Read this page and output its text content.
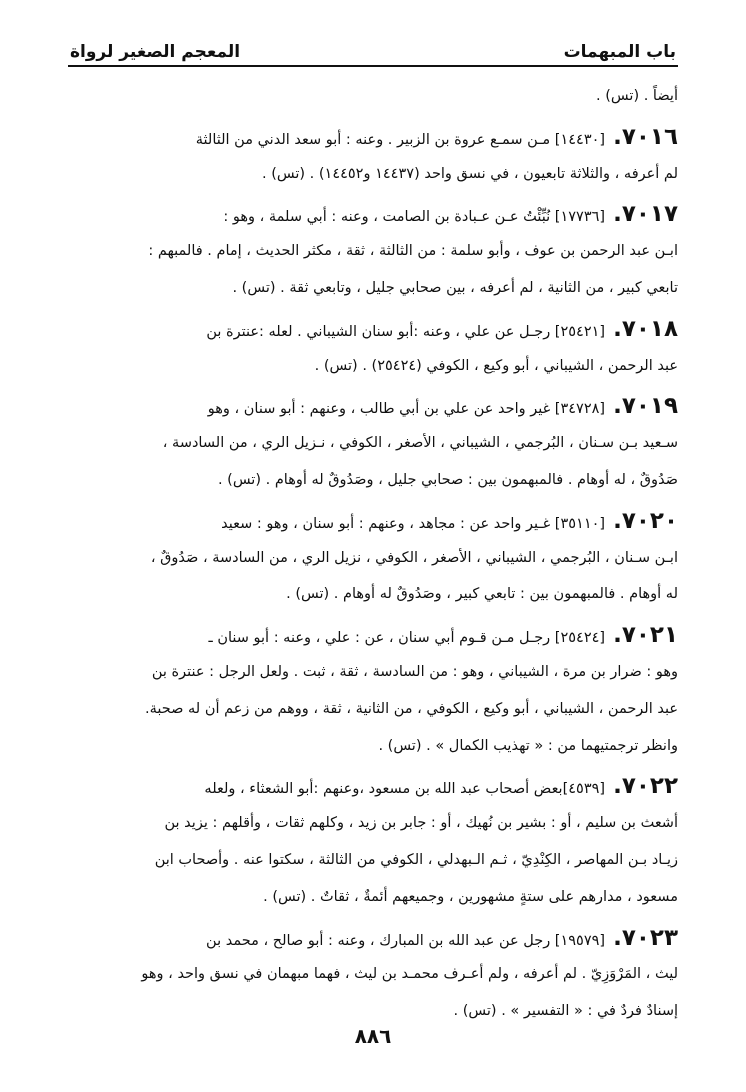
باب المبهمات
المعجم الصغير لرواة
أيضاً . (تس) .
٧٠١٦.[١٤٤٣٠] مـن سمـع عروة بن الزبير . وعنه : أبو سعد الدني من الثالثة
لم أعرفه ، والثلاثة تابعيون ، في نسق واحد (١٤٤٣٧ و١٤٤٥٢) . (تس) .
٧٠١٧.[١٧٧٣٦] نُبِّئْتُ عـن عـبادة بن الصامت ، وعنه : أبي سلمة ، وهو :
ابـن عبد الرحمن بن عوف ، وأبو سلمة : من الثالثة ، ثقة ، مكثر الحديث ، إمام . فالمبهم :
تابعي كبير ، من الثانية ، لم أعرفه ، بين صحابي جليل ، وتابعي ثقة . (تس) .
٧٠١٨.[٢٥٤٢١] رجـل عن علي ، وعنه :أبو سنان الشيباني . لعله :عنترة بن
عبد الرحمن ، الشيباني ، أبو وكيع ، الكوفي (٢٥٤٢٤) . (تس) .
٧٠١٩.[٣٤٧٢٨] غير واحد عن علي بن أبي طالب ، وعنهم : أبو سنان ، وهو
سـعيد بـن سـنان ، البُرجمي ، الشيباني ، الأصغر ، الكوفي ، نـزيل الري ، من السادسة ،
صَدُوقٌ ، له أوهام . فالمبهمون بين : صحابي جليل ، وصَدُوقٌ له أوهام . (تس) .
٧٠٢٠.[٣٥١١٠] غـير واحد عن : مجاهد ، وعنهم : أبو سنان ، وهو : سعيد
ابـن سـنان ، البُرجمي ، الشيباني ، الأصغر ، الكوفي ، نزيل الري ، من السادسة ، صَدُوقٌ ،
له أوهام . فالمبهمون بين : تابعي كبير ، وصَدُوقٌ له أوهام . (تس) .
٧٠٢١.[٢٥٤٢٤] رجـل مـن قـوم أبي سنان ، عن : علي ، وعنه : أبو سنان ـ
وهو : ضرار بن مرة ، الشيباني ، وهو : من السادسة ، ثقة ، ثبت . ولعل الرجل : عنترة بن
عبد الرحمن ، الشيباني ، أبو وكيع ، الكوفي ، من الثانية ، ثقة ، ووهم من زعم أن له صحبة.
وانظر ترجمتيهما من : « تهذيب الكمال » . (تس) .
٧٠٢٢.[٤٥٣٩]بعض أصحاب عبد الله بن مسعود ،وعنهم :أبو الشعثاء ، ولعله
أشعث بن سليم ، أو : بشير بن نُهيك ، أو : جابر بن زيد ، وكلهم ثقات ، وأقلهم : يزيد بن
زيـاد بـن المهاصر ، الكِنْدِيّ ، ثـم الـبهدلي ، الكوفي من الثالثة ، سكتوا عنه . وأصحاب ابن
مسعود ، مدارهم على ستةٍ مشهورين ، وجميعهم أئمةٌ ، ثقاتٌ . (تس) .
٧٠٢٣.[١٩٥٧٩] رجل عن عبد الله بن المبارك ، وعنه : أبو صالح ، محمد بن
ليث ، المَرْوَزِيّ . لم أعرفه ، ولم أعـرف محمـد بن ليث ، فهما مبهمان في نسق واحد ، وهو
إسنادٌ فردٌ في : « التفسير » . (تس) .
٨٨٦
